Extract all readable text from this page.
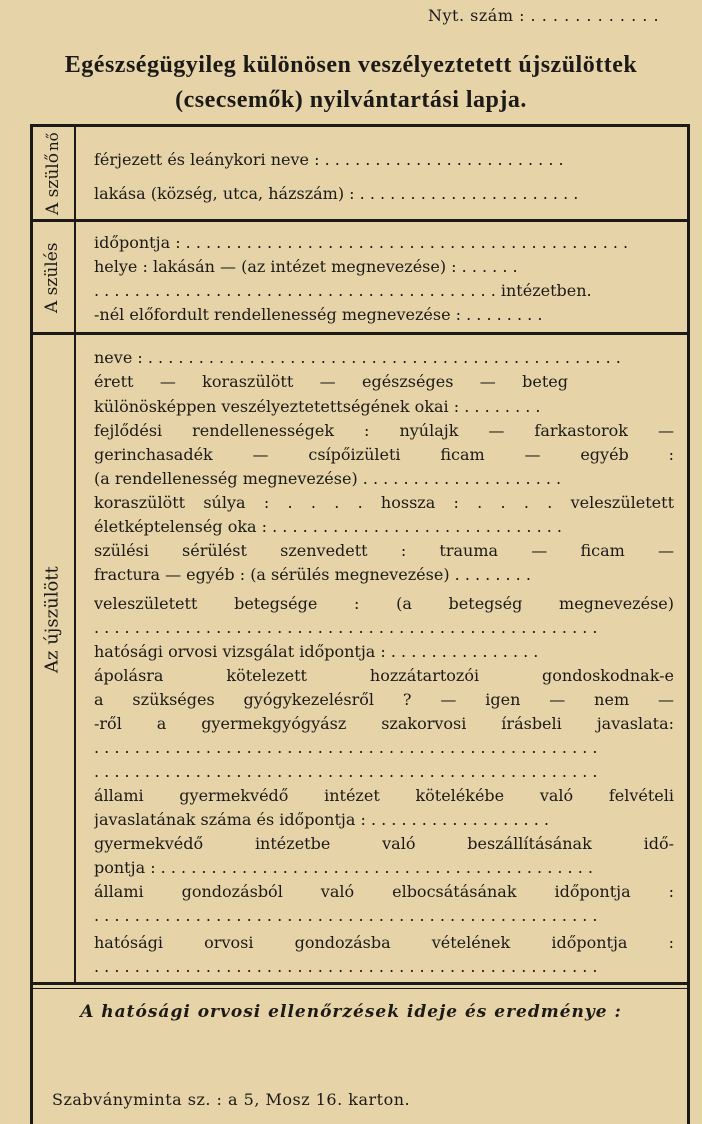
Nyt. szám : . . . . . . . . . . . .
Egészségügyileg különösen veszélyeztetett újszülöttek
(csecsemők) nyilvántartási lapja.
A szülő
nő
férjezett és leánykori neve : . . . . . . . . . . . . . . . . . . . . . . . .
lakása (község, utca, házszám) : . . . . . . . . . . . . . . . . . . . . . .
A szülés
időpontja : . . . . . . . . . . . . . . . . . . . . . . . . . . . . . . . . . . . . . . . . . . . .
helye : lakásán — (az intézet megnevezése) : . . . . . .
. . . . . . . . . . . . . . . . . . . . . . . . . . . . . . . . . . . . . . . . intézetben.
-nél előfordult rendellenesség megnevezése : . . . . . . . .
Az újszülött
neve : . . . . . . . . . . . . . . . . . . . . . . . . . . . . . . . . . . . . . . . . . . . . . . .
érett — koraszülött — egészséges — beteg
különösképpen veszélyeztetettségének okai : . . . . . . . .
fejlődési rendellenességek : nyúlajk — farkastorok —
gerinchasadék — csípőizületi ficam — egyéb :
(a rendellenesség megnevezése) . . . . . . . . . . . . . . . . . . . .
koraszülött súlya : . . . . hossza : . . . . veleszületett
életképtelenség oka : . . . . . . . . . . . . . . . . . . . . . . . . . . . . .
szülési sérülést szenvedett : trauma — ficam —
fractura — egyéb : (a sérülés megnevezése) . . . . . . . .
veleszületett betegsége : (a betegség megnevezése)
. . . . . . . . . . . . . . . . . . . . . . . . . . . . . . . . . . . . . . . . . . . . . . . . . .
hatósági orvosi vizsgálat időpontja : . . . . . . . . . . . . . . .
ápolásra kötelezett hozzátartozói gondoskodnak-e
a szükséges gyógykezelésről ? — igen — nem —
-ről a gyermekgyógyász szakorvosi írásbeli javaslata:
. . . . . . . . . . . . . . . . . . . . . . . . . . . . . . . . . . . . . . . . . . . . . . . . . .
. . . . . . . . . . . . . . . . . . . . . . . . . . . . . . . . . . . . . . . . . . . . . . . . . .
állami gyermekvédő intézet kötelékébe való felvételi
javaslatának száma és időpontja : . . . . . . . . . . . . . . . . . .
gyermekvédő intézetbe való beszállításának idő-
pontja : . . . . . . . . . . . . . . . . . . . . . . . . . . . . . . . . . . . . . . . . . . .
állami gondozásból való elbocsátásának időpontja :
. . . . . . . . . . . . . . . . . . . . . . . . . . . . . . . . . . . . . . . . . . . . . . . . . .
hatósági orvosi gondozásba vételének időpontja :
. . . . . . . . . . . . . . . . . . . . . . . . . . . . . . . . . . . . . . . . . . . . . . . . . .
A hatósági orvosi ellenőrzések ideje és eredménye :
Szabványminta sz. : a 5, Mosz 16. karton.
